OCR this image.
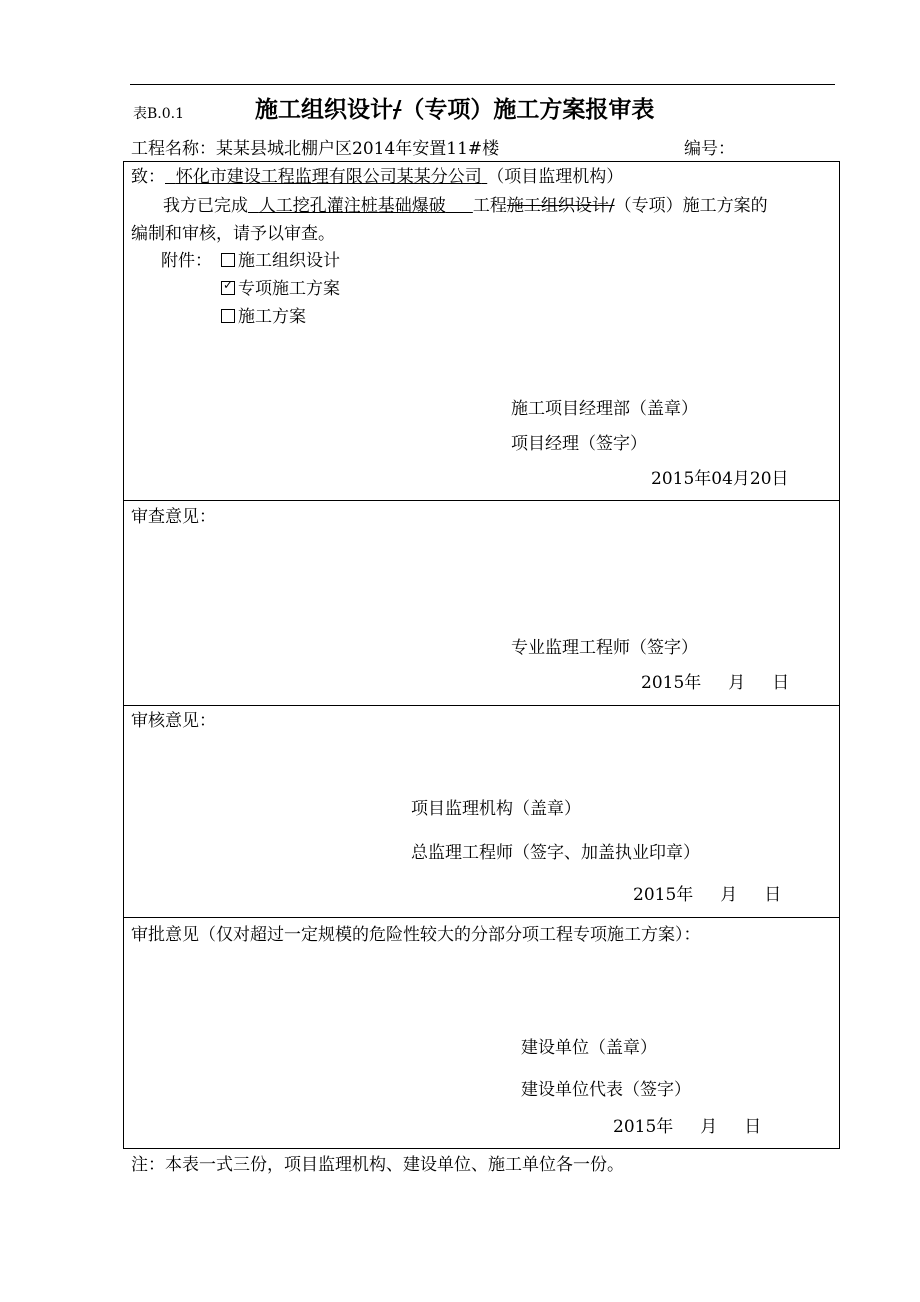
表B.0.1	施工组织设计/（专项）施工方案报审表
工程名称：某某县城北棚户区2014年安置11#楼	编号：
致： 怀化市建设工程监理有限公司某某分公司 （项目监理机构）
我方已完成 人工挖孔灌注桩基础爆破 工程施工组织设计/（专项）施工方案的
编制和审核，请予以审查。
附件：	施工组织设计
✓专项施工方案
施工方案
施工项目经理部（盖章）
项目经理（签字）
2015年04月20日
审查意见：
专业监理工程师（签字）
2015年     月     日
审核意见：
项目监理机构（盖章）
总监理工程师（签字、加盖执业印章）
2015年     月     日
审批意见（仅对超过一定规模的危险性较大的分部分项工程专项施工方案）：
建设单位（盖章）
建设单位代表（签字）
2015年     月     日
注：本表一式三份，项目监理机构、建设单位、施工单位各一份。
